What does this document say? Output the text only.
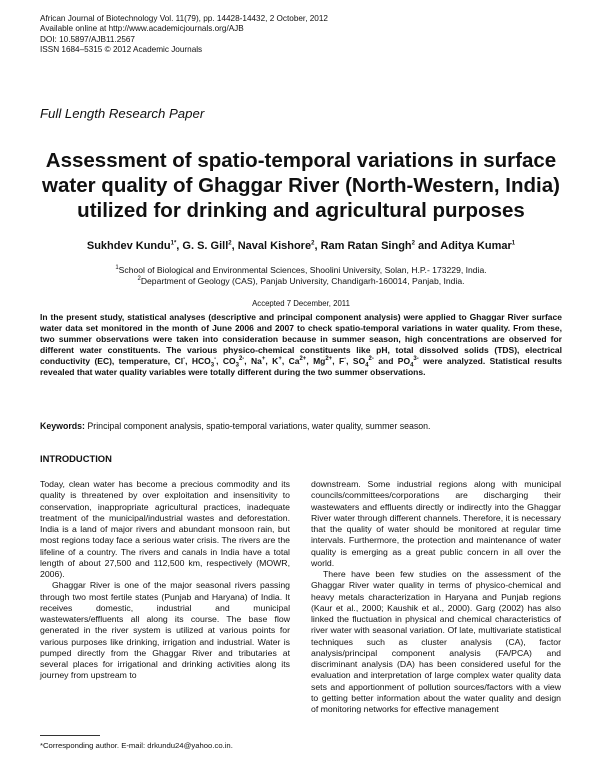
African Journal of Biotechnology Vol. 11(79), pp. 14428-14432, 2 October, 2012
Available online at http://www.academicjournals.org/AJB
DOI: 10.5897/AJB11.2567
ISSN 1684–5315 © 2012 Academic Journals
Full Length Research Paper
Assessment of spatio-temporal variations in surface water quality of Ghaggar River (North-Western, India) utilized for drinking and agricultural purposes
Sukhdev Kundu$^{1*}$, G. S. Gill$^2$, Naval Kishore$^2$, Ram Ratan Singh$^2$ and Aditya Kumar$^1$
$^1$School of Biological and Environmental Sciences, Shoolini University, Solan, H.P.- 173229, India.
$^2$Department of Geology (CAS), Panjab University, Chandigarh-160014, Panjab, India.
Accepted 7 December, 2011
In the present study, statistical analyses (descriptive and principal component analysis) were applied to Ghaggar River surface water data set monitored in the month of June 2006 and 2007 to check spatio-temporal variations in water quality. From these, two summer observations were taken into consideration because in summer season, high concentrations are observed for different water constituents. The various physico-chemical constituents like pH, total dissolved solids (TDS), electrical conductivity (EC), temperature, Cl-, $HCO_3^-$, $CO_3^{2-}$, Na+, K+, $Ca^{2+}$, $Mg^{2+}$, F-, $SO_4^{2-}$ and $PO_4^{3-}$ were analyzed. Statistical results revealed that water quality variables were totally different during the two summer observations.
Keywords: Principal component analysis, spatio-temporal variations, water quality, summer season.
INTRODUCTION

Today, clean water has become a precious commodity and its quality is threatened by over exploitation and insensitivity to conservation, inappropriate agricultural practices, inadequate treatment of the municipal/industrial wastes and deforestation. India is a land of major rivers and abundant monsoon rain, but most regions today face a serious water crisis. The rivers are the lifeline of a country. The rivers and canals in India have a total length of about 27,500 and 112,500 km, respectively (MOWR, 2006).

Ghaggar River is one of the major seasonal rivers passing through two most fertile states (Punjab and Haryana) of India. It receives domestic, industrial and municipal wastewaters/effluents all along its course. The base flow generated in the river system is utilized at various points for various purposes like drinking, irrigation and industrial. Water is pumped directly from the Ghaggar River and tributaries at several places for irrigational and drinking activities along its journey from upstream to

downstream. Some industrial regions along with municipal councils/committees/corporations are discharging their wastewaters and effluents directly or indirectly into the Ghaggar River water through different channels. Therefore, it is necessary that the quality of water should be monitored at regular time intervals. Furthermore, the protection and maintenance of water quality is emerging as a great public concern in all over the world.

There have been few studies on the assessment of the Ghaggar River water quality in terms of physico-chemical and heavy metals characterization in Haryana and Punjab regions (Kaur et al., 2000; Kaushik et al., 2000). Garg (2002) has also linked the fluctuation in physical and chemical characteristics of river water with seasonal variation. Of late, multivariate statistical techniques such as cluster analysis (CA), factor analysis/principal component analysis (FA/PCA) and discriminant analysis (DA) has been considered useful for the evaluation and interpretation of large complex water quality data sets and apportionment of pollution sources/factors with a view to getting better information about the water quality and design of monitoring networks for effective management

*Corresponding author. E-mail: drkundu24@yahoo.co.in.
